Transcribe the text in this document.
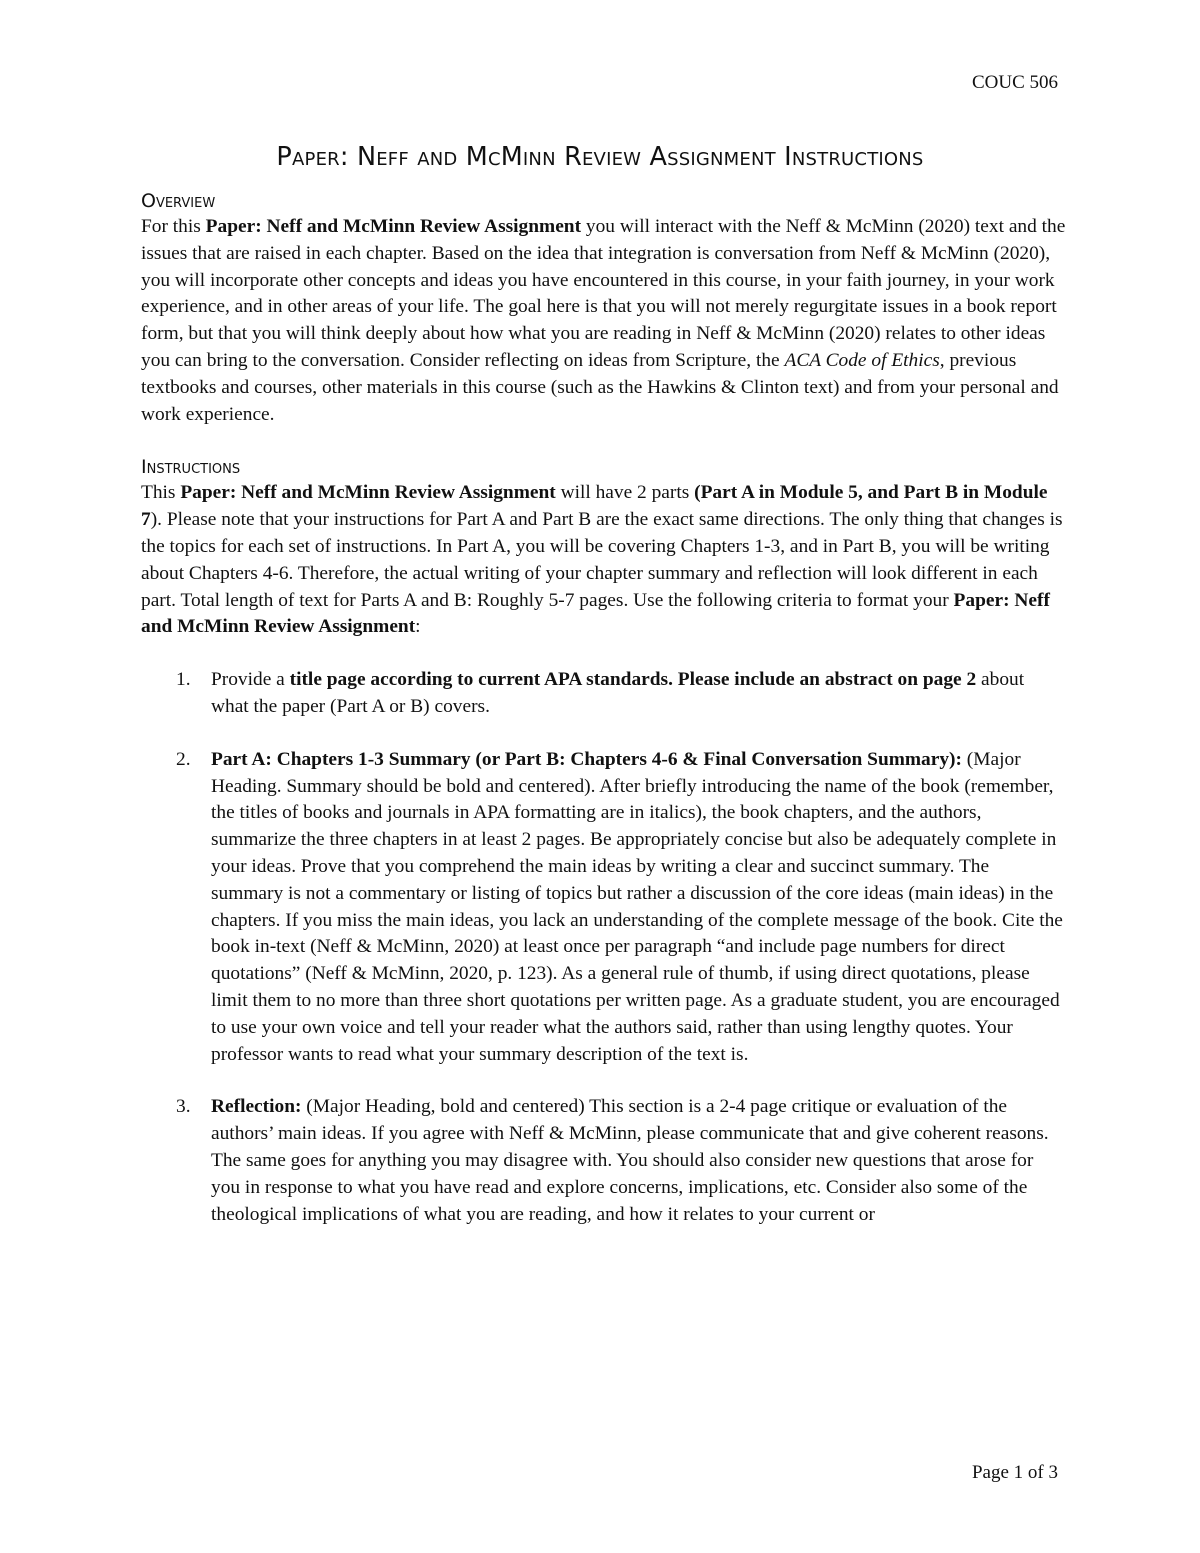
COUC 506
Paper: Neff and McMinn Review Assignment Instructions
Overview

For this Paper: Neff and McMinn Review Assignment you will interact with the Neff & McMinn (2020) text and the issues that are raised in each chapter. Based on the idea that integration is conversation from Neff & McMinn (2020), you will incorporate other concepts and ideas you have encountered in this course, in your faith journey, in your work experience, and in other areas of your life. The goal here is that you will not merely regurgitate issues in a book report form, but that you will think deeply about how what you are reading in Neff & McMinn (2020) relates to other ideas you can bring to the conversation. Consider reflecting on ideas from Scripture, the ACA Code of Ethics, previous textbooks and courses, other materials in this course (such as the Hawkins & Clinton text) and from your personal and work experience.

Instructions

This Paper: Neff and McMinn Review Assignment will have 2 parts (Part A in Module 5, and Part B in Module 7). Please note that your instructions for Part A and Part B are the exact same directions. The only thing that changes is the topics for each set of instructions. In Part A, you will be covering Chapters 1-3, and in Part B, you will be writing about Chapters 4-6. Therefore, the actual writing of your chapter summary and reflection will look different in each part. Total length of text for Parts A and B: Roughly 5-7 pages. Use the following criteria to format your Paper: Neff and McMinn Review Assignment:

1. Provide a title page according to current APA standards. Please include an abstract on page 2 about what the paper (Part A or B) covers.
2. Part A: Chapters 1-3 Summary (or Part B: Chapters 4-6 & Final Conversation Summary): (Major Heading. Summary should be bold and centered). After briefly introducing the name of the book (remember, the titles of books and journals in APA formatting are in italics), the book chapters, and the authors, summarize the three chapters in at least 2 pages. Be appropriately concise but also be adequately complete in your ideas. Prove that you comprehend the main ideas by writing a clear and succinct summary. The summary is not a commentary or listing of topics but rather a discussion of the core ideas (main ideas) in the chapters. If you miss the main ideas, you lack an understanding of the complete message of the book. Cite the book in-text (Neff & McMinn, 2020) at least once per paragraph “and include page numbers for direct quotations” (Neff & McMinn, 2020, p. 123). As a general rule of thumb, if using direct quotations, please limit them to no more than three short quotations per written page. As a graduate student, you are encouraged to use your own voice and tell your reader what the authors said, rather than using lengthy quotes. Your professor wants to read what your summary description of the text is.
3. Reflection: (Major Heading, bold and centered) This section is a 2-4 page critique or evaluation of the authors’ main ideas. If you agree with Neff & McMinn, please communicate that and give coherent reasons. The same goes for anything you may disagree with. You should also consider new questions that arose for you in response to what you have read and explore concerns, implications, etc. Consider also some of the theological implications of what you are reading, and how it relates to your current or
Page 1 of 3
